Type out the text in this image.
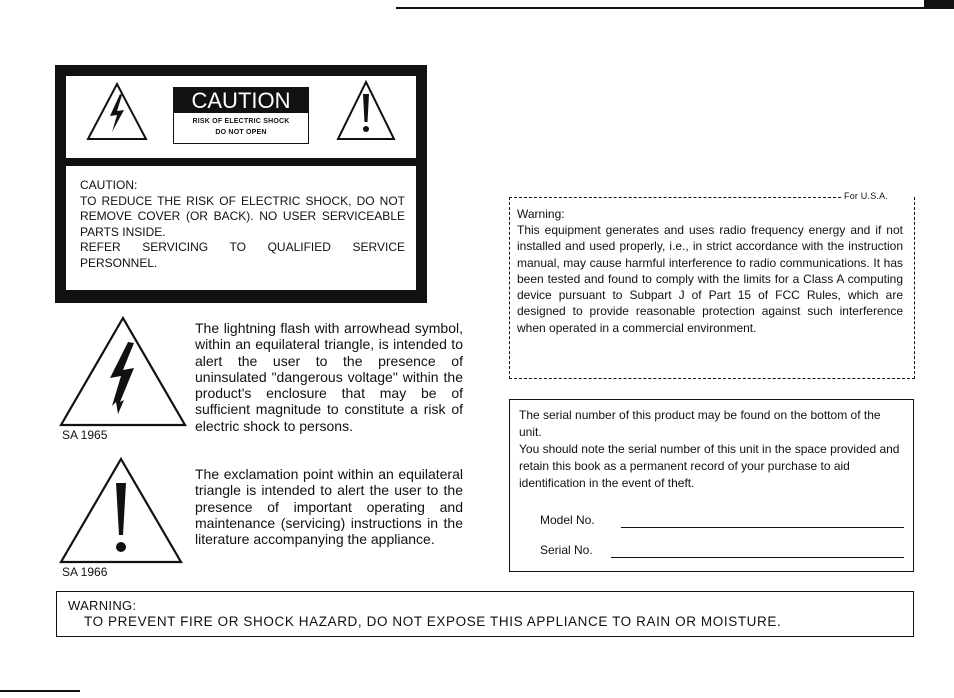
CAUTION
RISK OF ELECTRIC SHOCK
DO NOT OPEN

CAUTION:

TO REDUCE THE RISK OF ELECTRIC SHOCK, DO NOT REMOVE COVER (OR BACK). NO USER SERVICEABLE PARTS INSIDE.

REFER SERVICING TO QUALIFIED SERVICE PERSONNEL.

SA 1965
The lightning flash with arrowhead symbol, within an equilateral triangle, is intended to alert the user to the presence of uninsulated "dangerous voltage" within the product's enclosure that may be of sufficient magnitude to constitute a risk of electric shock to persons.
SA 1966
The exclamation point within an equilateral triangle is intended to alert the user to the presence of important operating and maintenance (servicing) instructions in the literature accompanying the appliance.
For U.S.A.
Warning:
This equipment generates and uses radio frequency energy and if not installed and used properly, i.e., in strict accordance with the instruction manual, may cause harmful interference to radio communications. It has been tested and found to comply with the limits for a Class A computing device pursuant to Subpart J of Part 15 of FCC Rules, which are designed to provide reasonable protection against such interference when operated in a commercial environment.
The serial number of this product may be found on the bottom of the unit.
You should note the serial number of this unit in the space provided and retain this book as a permanent record of your purchase to aid identification in the event of theft.
Model No.
Serial No.
WARNING:
TO PREVENT FIRE OR SHOCK HAZARD, DO NOT EXPOSE THIS APPLIANCE TO RAIN OR MOISTURE.
